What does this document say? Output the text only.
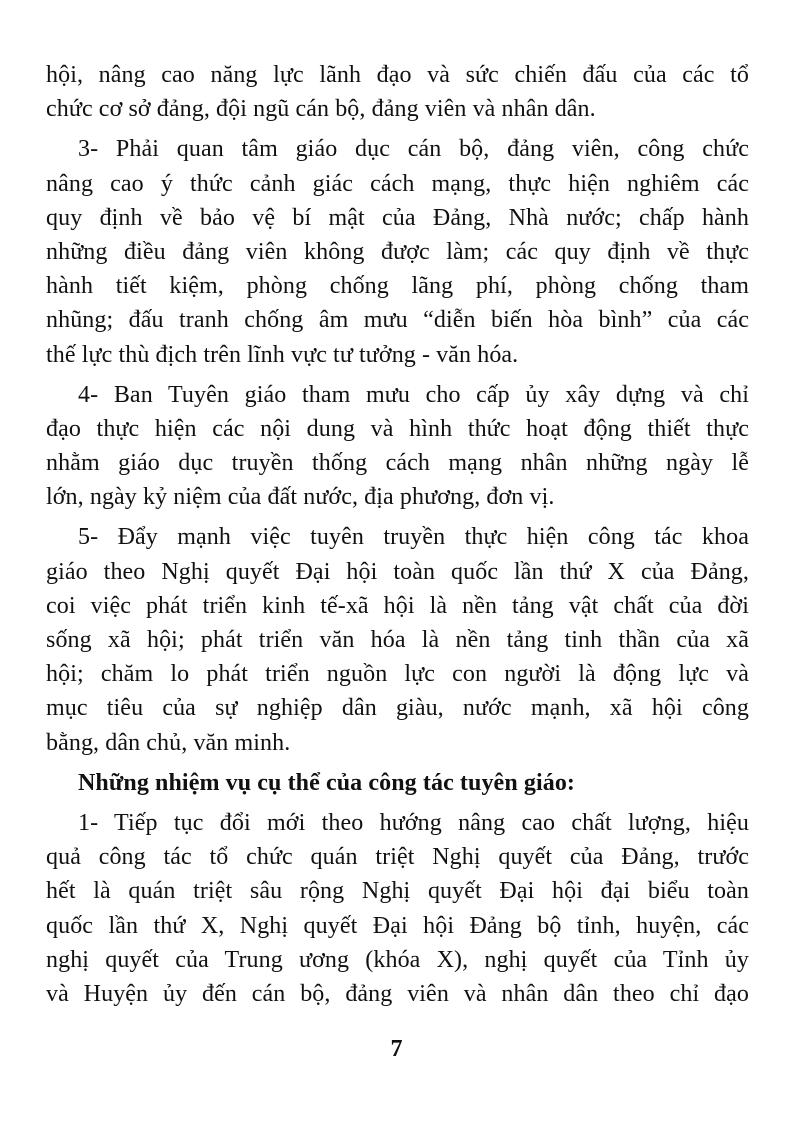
hội, nâng cao năng lực lãnh đạo và sức chiến đấu của các tổ
chức cơ sở đảng, đội ngũ cán bộ, đảng viên và nhân dân.
3- Phải quan tâm giáo dục cán bộ, đảng viên, công chức
nâng cao ý thức cảnh giác cách mạng, thực hiện nghiêm các
quy định về bảo vệ bí mật của Đảng, Nhà nước; chấp hành
những điều đảng viên không được làm; các quy định về thực
hành tiết kiệm, phòng chống lãng phí, phòng chống tham
nhũng; đấu tranh chống âm mưu “diễn biến hòa bình” của các
thế lực thù địch trên lĩnh vực tư tưởng - văn hóa.
4- Ban Tuyên giáo tham mưu cho cấp ủy xây dựng và chỉ
đạo thực hiện các nội dung và hình thức hoạt động thiết thực
nhằm giáo dục truyền thống cách mạng nhân những ngày lễ
lớn, ngày kỷ niệm của đất nước, địa phương, đơn vị.
5- Đẩy mạnh việc tuyên truyền thực hiện công tác khoa
giáo theo Nghị quyết Đại hội toàn quốc lần thứ X của Đảng,
coi việc phát triển kinh tế-xã hội là nền tảng vật chất của đời
sống xã hội; phát triển văn hóa là nền tảng tinh thần của xã
hội; chăm lo phát triển nguồn lực con người là động lực và
mục tiêu của sự nghiệp dân giàu, nước mạnh, xã hội công
bằng, dân chủ, văn minh.
Những nhiệm vụ cụ thể của công tác tuyên giáo:
1- Tiếp tục đổi mới theo hướng nâng cao chất lượng, hiệu
quả công tác tổ chức quán triệt Nghị quyết của Đảng, trước
hết là quán triệt sâu rộng Nghị quyết Đại hội đại biểu toàn
quốc lần thứ X, Nghị quyết Đại hội Đảng bộ tỉnh, huyện, các
nghị quyết của Trung ương (khóa X), nghị quyết của Tỉnh ủy
và Huyện ủy đến cán bộ, đảng viên và nhân dân theo chỉ đạo
7
